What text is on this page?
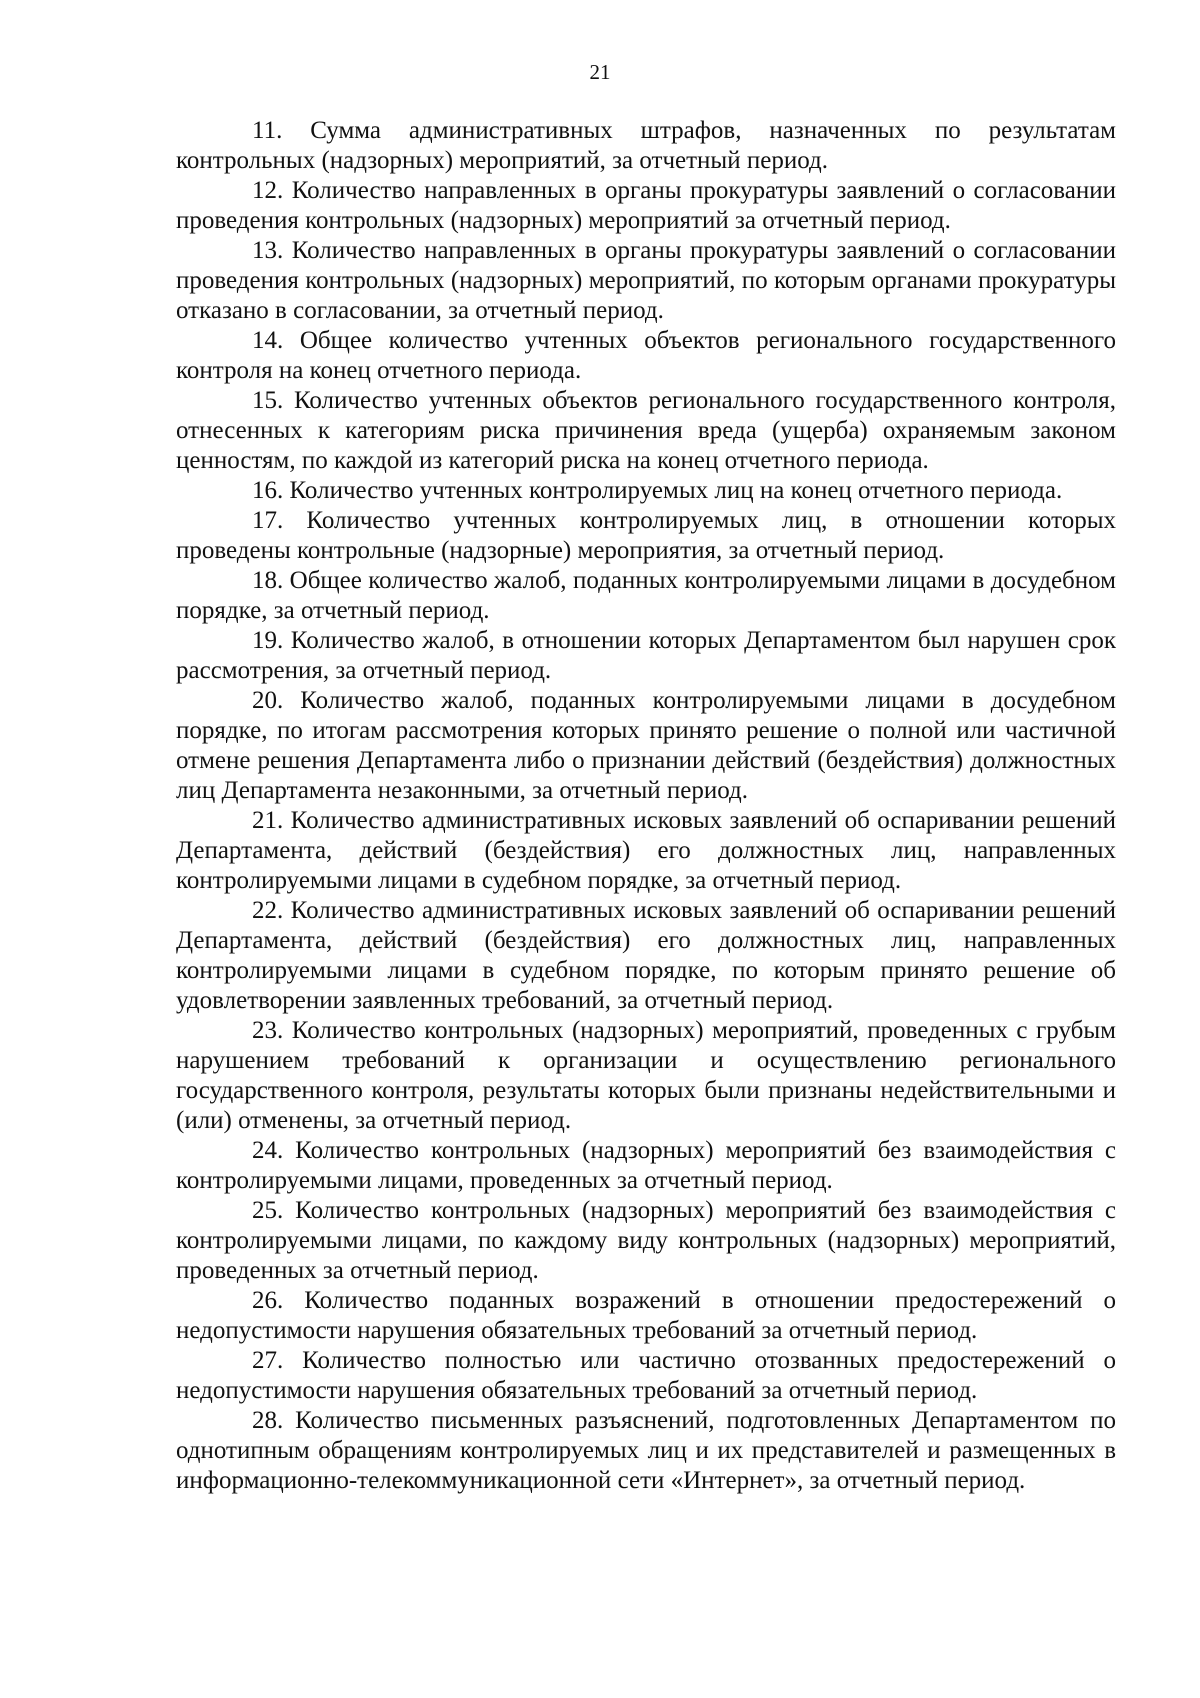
21

11. Сумма административных штрафов, назначенных по результатам контрольных (надзорных) мероприятий, за отчетный период.

12. Количество направленных в органы прокуратуры заявлений о согласовании проведения контрольных (надзорных) мероприятий за отчетный период.

13. Количество направленных в органы прокуратуры заявлений о согласовании проведения контрольных (надзорных) мероприятий, по которым органами прокуратуры отказано в согласовании, за отчетный период.

14. Общее количество учтенных объектов регионального государственного контроля на конец отчетного периода.

15. Количество учтенных объектов регионального государственного контроля, отнесенных к категориям риска причинения вреда (ущерба) охраняемым законом ценностям, по каждой из категорий риска на конец отчетного периода.

16. Количество учтенных контролируемых лиц на конец отчетного периода.

17. Количество учтенных контролируемых лиц, в отношении которых проведены контрольные (надзорные) мероприятия, за отчетный период.

18. Общее количество жалоб, поданных контролируемыми лицами в досудебном порядке, за отчетный период.

19. Количество жалоб, в отношении которых Департаментом был нарушен срок рассмотрения, за отчетный период.

20. Количество жалоб, поданных контролируемыми лицами в досудебном порядке, по итогам рассмотрения которых принято решение о полной или частичной отмене решения Департамента либо о признании действий (бездействия) должностных лиц Департамента незаконными, за отчетный период.

21. Количество административных исковых заявлений об оспаривании решений Департамента, действий (бездействия) его должностных лиц, направленных контролируемыми лицами в судебном порядке, за отчетный период.

22. Количество административных исковых заявлений об оспаривании решений Департамента, действий (бездействия) его должностных лиц, направленных контролируемыми лицами в судебном порядке, по которым принято решение об удовлетворении заявленных требований, за отчетный период.

23. Количество контрольных (надзорных) мероприятий, проведенных с грубым нарушением требований к организации и осуществлению регионального государственного контроля, результаты которых были признаны недействительными и (или) отменены, за отчетный период.

24. Количество контрольных (надзорных) мероприятий без взаимодействия с контролируемыми лицами, проведенных за отчетный период.

25. Количество контрольных (надзорных) мероприятий без взаимодействия с контролируемыми лицами, по каждому виду контрольных (надзорных) мероприятий, проведенных за отчетный период.

26. Количество поданных возражений в отношении предостережений о недопустимости нарушения обязательных требований за отчетный период.

27. Количество полностью или частично отозванных предостережений о недопустимости нарушения обязательных требований за отчетный период.

28. Количество письменных разъяснений, подготовленных Департаментом по однотипным обращениям контролируемых лиц и их представителей и размещенных в информационно-телекоммуникационной сети «Интернет», за отчетный период.
